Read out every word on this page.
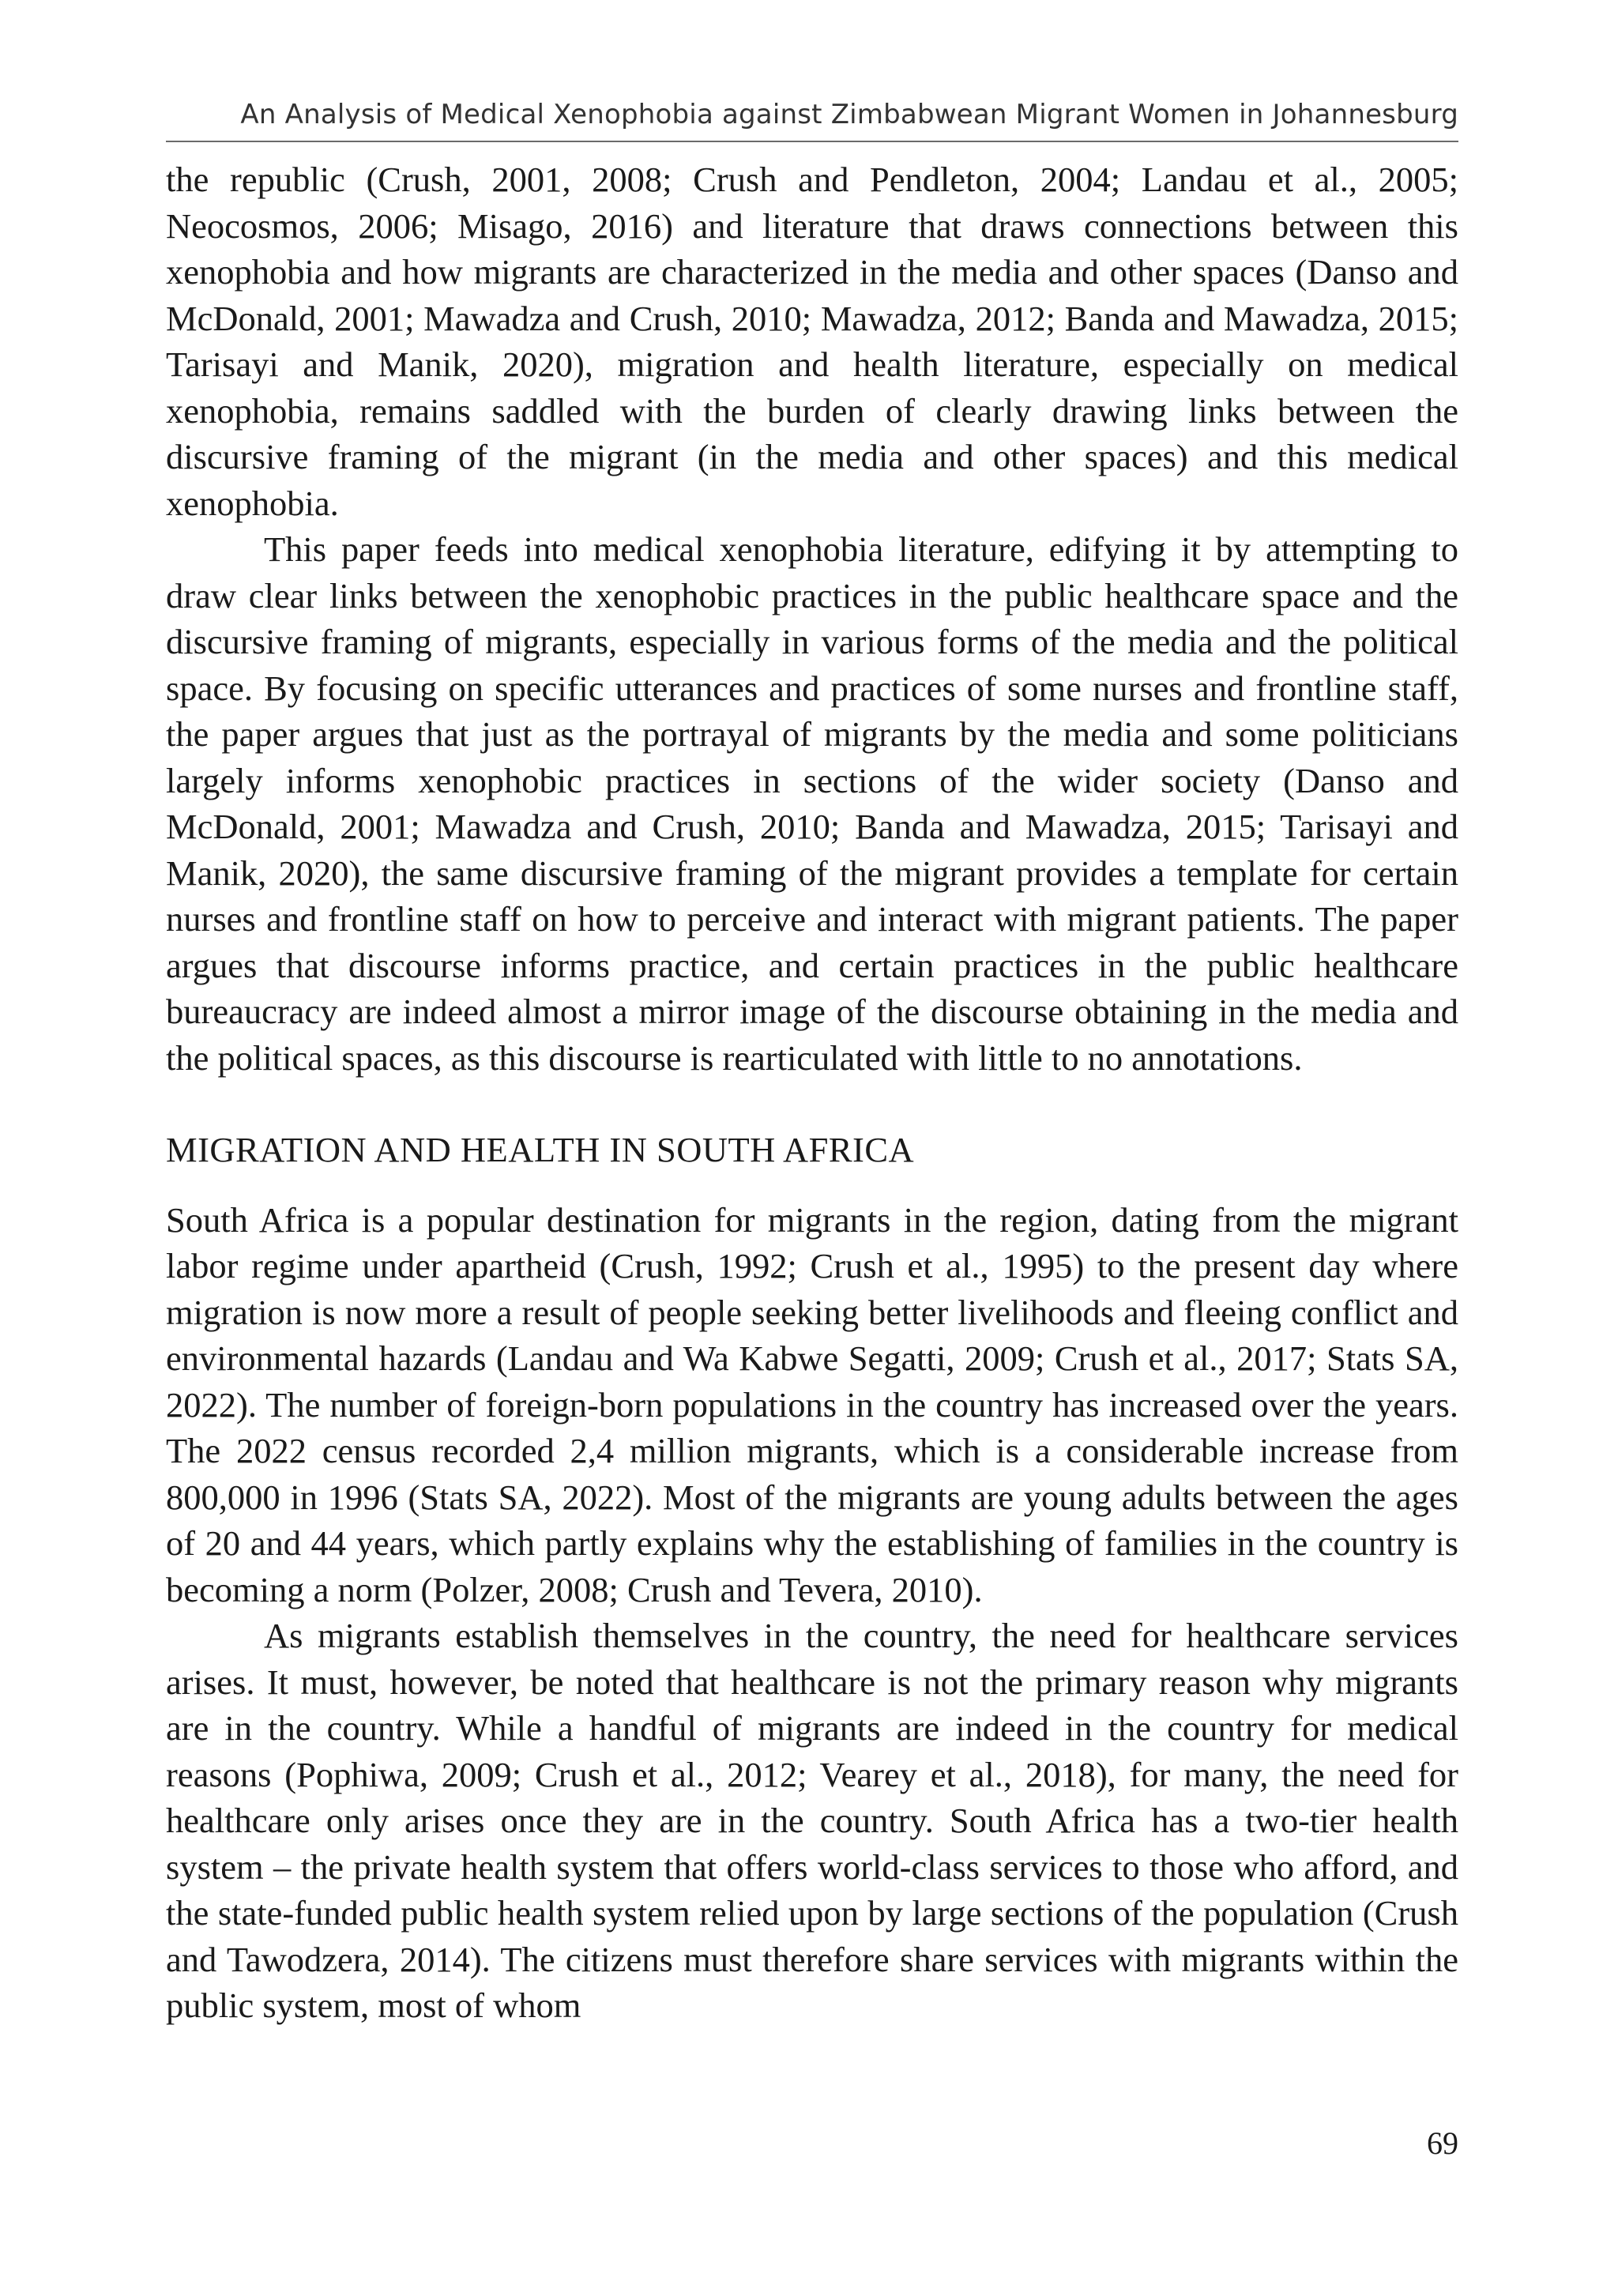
An Analysis of Medical Xenophobia against Zimbabwean Migrant Women in Johannesburg

the republic (Crush, 2001, 2008; Crush and Pendleton, 2004; Landau et al., 2005; Neocosmos, 2006; Misago, 2016) and literature that draws connections between this xenophobia and how migrants are characterized in the media and other spaces (Danso and McDonald, 2001; Mawadza and Crush, 2010; Mawadza, 2012; Banda and Mawadza, 2015; Tarisayi and Manik, 2020), migration and health literature, especially on medical xenophobia, remains saddled with the burden of clearly drawing links between the discursive framing of the migrant (in the media and other spaces) and this medical xenophobia.

This paper feeds into medical xenophobia literature, edifying it by attempting to draw clear links between the xenophobic practices in the public healthcare space and the discursive framing of migrants, especially in various forms of the media and the political space. By focusing on specific utterances and practices of some nurses and frontline staff, the paper argues that just as the portrayal of migrants by the media and some politicians largely informs xenophobic practices in sections of the wider society (Danso and McDonald, 2001; Mawadza and Crush, 2010; Banda and Mawadza, 2015; Tarisayi and Manik, 2020), the same discursive framing of the migrant provides a template for certain nurses and frontline staff on how to perceive and interact with migrant patients. The paper argues that discourse informs practice, and certain practices in the public healthcare bureaucracy are indeed almost a mirror image of the discourse obtaining in the media and the political spaces, as this discourse is rearticulated with little to no annotations.

MIGRATION AND HEALTH IN SOUTH AFRICA

South Africa is a popular destination for migrants in the region, dating from the migrant labor regime under apartheid (Crush, 1992; Crush et al., 1995) to the present day where migration is now more a result of people seeking better livelihoods and fleeing conflict and environmental hazards (Landau and Wa Kabwe Segatti, 2009; Crush et al., 2017; Stats SA, 2022). The number of foreign-born populations in the country has increased over the years. The 2022 census recorded 2,4 million migrants, which is a considerable increase from 800,000 in 1996 (Stats SA, 2022). Most of the migrants are young adults between the ages of 20 and 44 years, which partly explains why the establishing of families in the country is becoming a norm (Polzer, 2008; Crush and Tevera, 2010).

As migrants establish themselves in the country, the need for healthcare services arises. It must, however, be noted that healthcare is not the primary reason why migrants are in the country. While a handful of migrants are indeed in the country for medical reasons (Pophiwa, 2009; Crush et al., 2012; Vearey et al., 2018), for many, the need for healthcare only arises once they are in the country. South Africa has a two-tier health system – the private health system that offers world-class services to those who afford, and the state-funded public health system relied upon by large sections of the population (Crush and Tawodzera, 2014). The citizens must therefore share services with migrants within the public system, most of whom

69
